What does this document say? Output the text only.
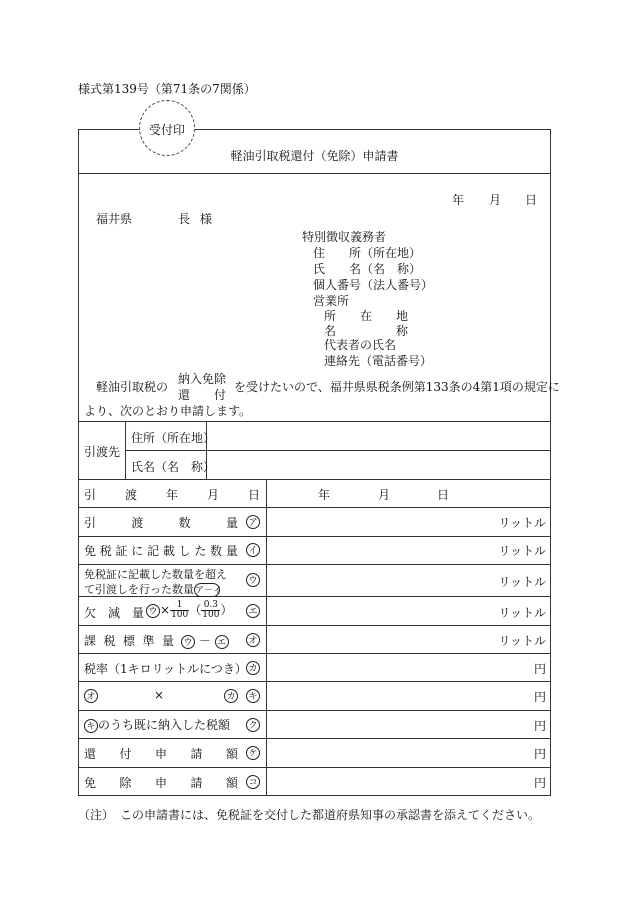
様式第139号（第71条の7関係）
受付印
軽油引取税還付（免除）申請書
年 月 日
福井県	長 様
特別徴収義務者
住　　所（所在地）
氏　　名（名　称）
個人番号（法人番号）
営業所
所　　在　　地
名　　　　　称
代表者の氏名
連絡先（電話番号）
軽油引取税の
納入免除
還　　付
を受けたいので、福井県県税条例第133条の4第1項の規定に
より、次のとおり申請します。
引渡先
住所（所在地）
氏名（名　称）
引 渡 年 月 日	年	月	日
引	渡	数	量 ア	リットル
免 税 証 に 記 載 し た 数 量 イ	リットル
免税証に記載した数量を超え
て引渡しを行った数量ア－イ
ウ	リットル
欠　減　量 ウ × $\frac{1}{100}$ （ $\frac{0.3}{100}$ ） エ	リットル
課 税 標 準 量 ウ － エ オ	リットル
税率（1キロリットルにつき） カ	円
オ	×	カ キ	円
キ のうち既に納入した税額 ク	円
還 付 申 請 額 ケ	円
免 除 申 請 額 コ	円
（注）　この申請書には、免税証を交付した都道府県知事の承認書を添えてください。
